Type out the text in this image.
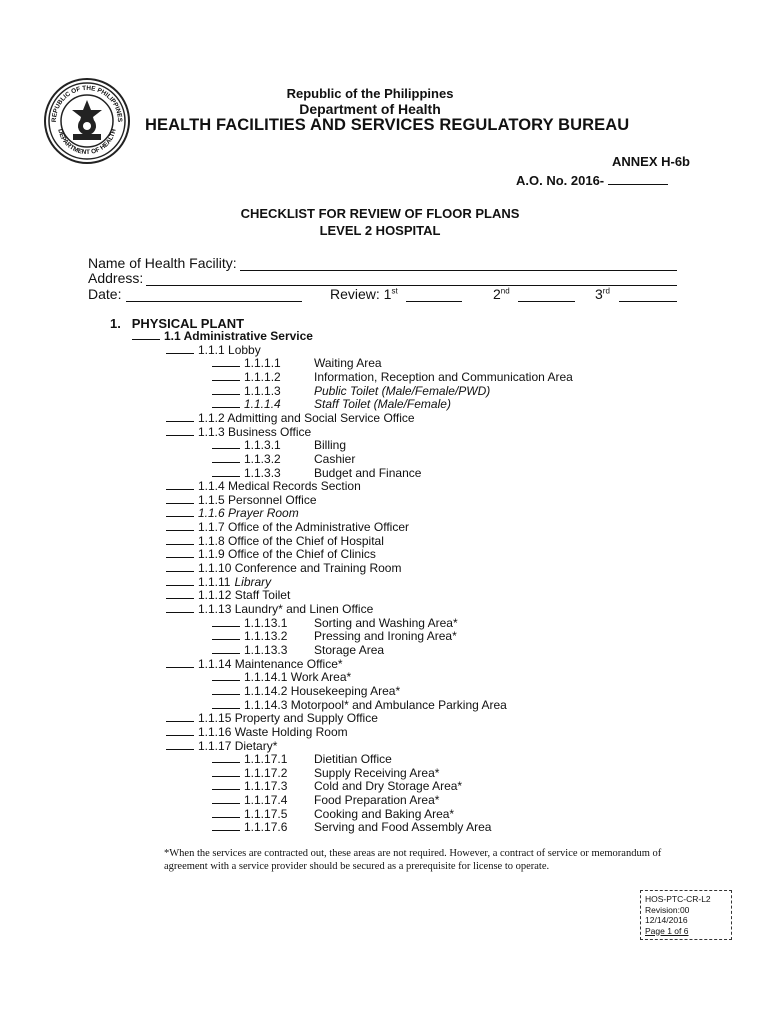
REPUBLIC OF THE PHILIPPINES
DEPARTMENT OF HEALTH
Republic of the Philippines
Department of Health
HEALTH FACILITIES AND SERVICES REGULATORY BUREAU
ANNEX H-6b
A.O. No. 2016-
CHECKLIST FOR REVIEW OF FLOOR PLANS
LEVEL 2 HOSPITAL
Name of Health Facility:
Address:
Date:	Review: 1st	2nd	3rd
1. PHYSICAL PLANT
1.1 Administrative Service
1.1.1 Lobby
1.1.1.1	Waiting Area
1.1.1.2	Information, Reception and Communication Area
1.1.1.3	Public Toilet (Male/Female/PWD)
1.1.1.4	Staff Toilet (Male/Female)
1.1.2 Admitting and Social Service Office
1.1.3 Business Office
1.1.3.1	Billing
1.1.3.2	Cashier
1.1.3.3	Budget and Finance
1.1.4 Medical Records Section
1.1.5 Personnel Office
1.1.6 Prayer Room
1.1.7 Office of the Administrative Officer
1.1.8 Office of the Chief of Hospital
1.1.9 Office of the Chief of Clinics
1.1.10 Conference and Training Room
1.1.11 Library
1.1.12 Staff Toilet
1.1.13 Laundry* and Linen Office
1.1.13.1 Sorting and Washing Area*
1.1.13.2 Pressing and Ironing Area*
1.1.13.3 Storage Area
1.1.14 Maintenance Office*
1.1.14.1 Work Area*
1.1.14.2 Housekeeping Area*
1.1.14.3 Motorpool* and Ambulance Parking Area
1.1.15 Property and Supply Office
1.1.16 Waste Holding Room
1.1.17 Dietary*
1.1.17.1 Dietitian Office
1.1.17.2 Supply Receiving Area*
1.1.17.3 Cold and Dry Storage Area*
1.1.17.4 Food Preparation Area*
1.1.17.5 Cooking and Baking Area*
1.1.17.6 Serving and Food Assembly Area
*When the services are contracted out, these areas are not required. However, a contract of service or memorandum of agreement with a service provider should be secured as a prerequisite for license to operate.
HOS-PTC-CR-L2
Revision:00
12/14/2016
Page 1 of 6
